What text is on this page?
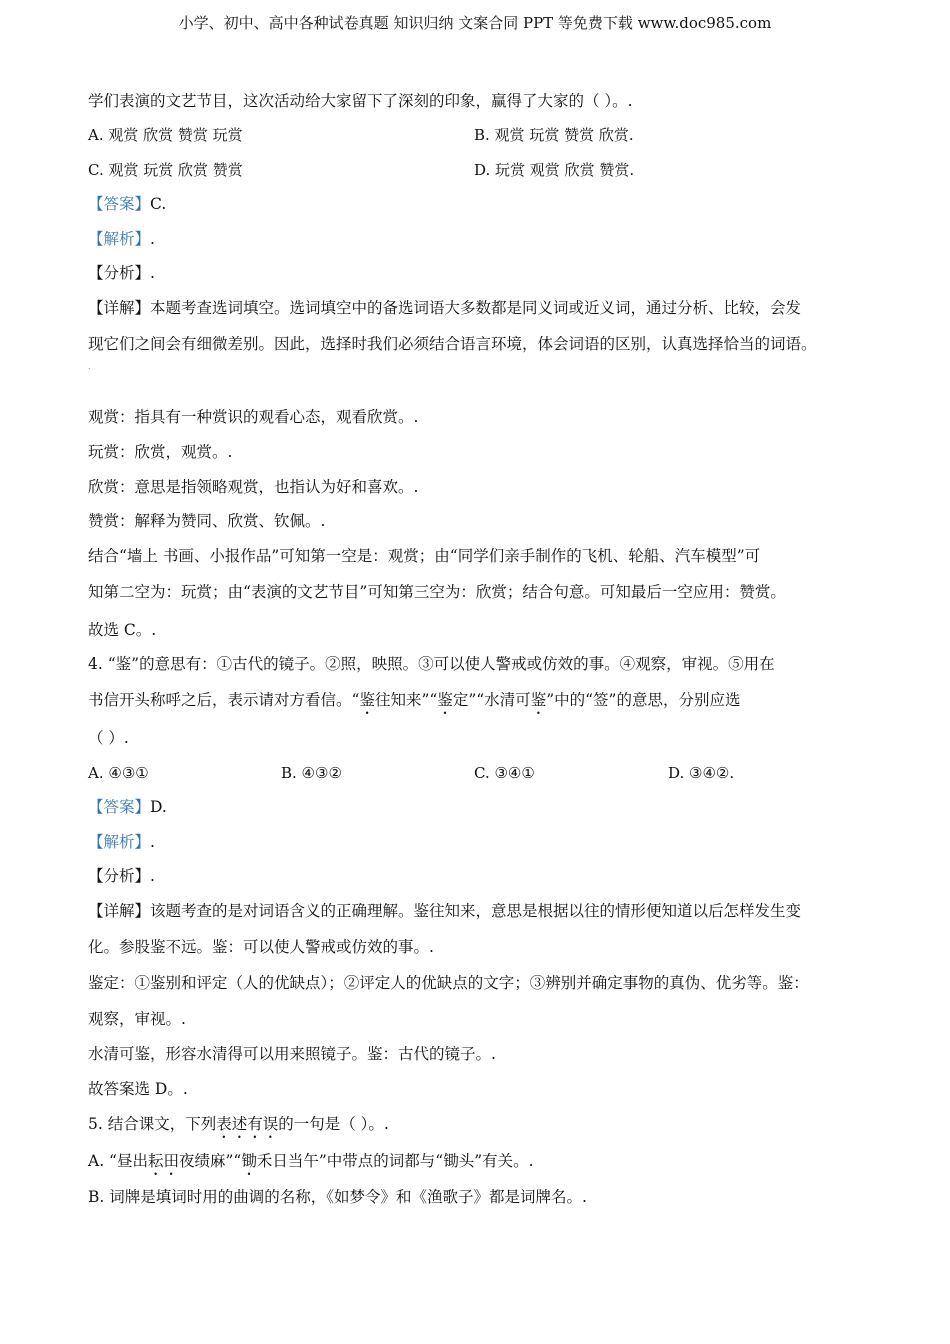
小学、初中、高中各种试卷真题 知识归纳 文案合同 PPT 等免费下载 www.doc985.com
学们表演的文艺节目，这次活动给大家留下了深刻的印象，赢得了大家的（ ）。.
A. 观赏 欣赏 赞赏 玩赏	B. 观赏 玩赏 赞赏 欣赏.
C. 观赏 玩赏 欣赏 赞赏	D. 玩赏 观赏 欣赏 赞赏.
【答案】C.
【解析】.
【分析】.
【详解】本题考查选词填空。选词填空中的备选词语大多数都是同义词或近义词，通过分析、比较，会发
现它们之间会有细微差别。因此，选择时我们必须结合语言环境，体会词语的区别，认真选择恰当的词语。
.
观赏：指具有一种赏识的观看心态，观看欣赏。.
玩赏：欣赏，观赏。.
欣赏：意思是指领略观赏，也指认为好和喜欢。.
赞赏：解释为赞同、欣赏、钦佩。.
结合“墙上 书画、小报作品”可知第一空是：观赏；由“同学们亲手制作的飞机、轮船、汽车模型”可
知第二空为：玩赏；由“表演的文艺节目”可知第三空为：欣赏；结合句意。可知最后一空应用：赞赏。
故选 C。.
4. “鉴”的意思有：①古代的镜子。②照，映照。③可以使人警戒或仿效的事。④观察，审视。⑤用在
书信开头称呼之后，表示请对方看信。“鉴往知来”“鉴定”“水清可鉴”中的“签”的意思，分别应选
（ ）.
A. ④③①	B. ④③②	C. ③④①	D. ③④②.
【答案】D.
【解析】.
【分析】.
【详解】该题考查的是对词语含义的正确理解。鉴往知来，意思是根据以往的情形便知道以后怎样发生变
化。参股鉴不远。鉴：可以使人警戒或仿效的事。.
鉴定：①鉴别和评定（人的优缺点）；②评定人的优缺点的文字；③辨别并确定事物的真伪、优劣等。鉴：
观察，审视。.
水清可鉴，形容水清得可以用来照镜子。鉴：古代的镜子。.
故答案选 D。.
5. 结合课文，下列表述有误的一句是（ ）。.
A. “昼出耘田夜绩麻”“锄禾日当午”中带点的词都与“锄头”有关。.
B. 词牌是填词时用的曲调的名称，《如梦令》和《渔歌子》都是词牌名。.
